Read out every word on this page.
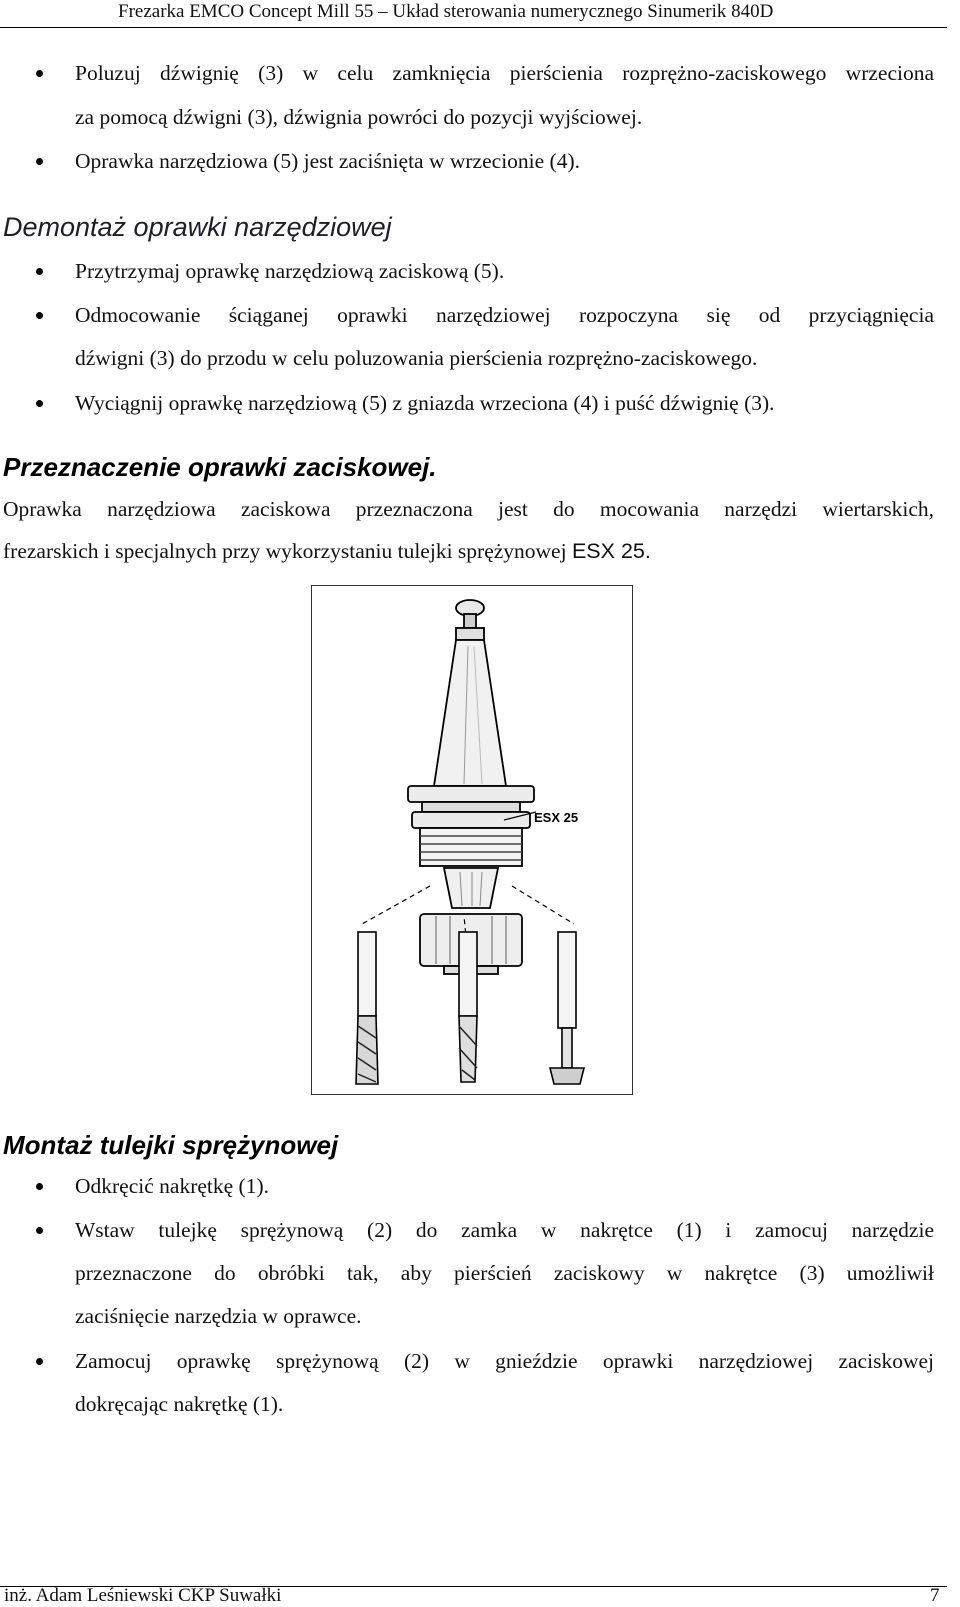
Frezarka EMCO Concept Mill 55 – Układ sterowania numerycznego Sinumerik 840D
Poluzuj dźwignię (3) w celu zamknięcia pierścienia rozprężno-zaciskowego wrzeciona
za pomocą dźwigni (3), dźwignia powróci do pozycji wyjściowej.
Oprawka narzędziowa (5) jest zaciśnięta w wrzecionie (4).
Demontaż oprawki narzędziowej
Przytrzymaj oprawkę narzędziową zaciskową (5).
Odmocowanie ściąganej oprawki narzędziowej rozpoczyna się od przyciągnięcia
dźwigni (3) do przodu w celu poluzowania pierścienia rozprężno-zaciskowego.
Wyciągnij oprawkę narzędziową (5) z gniazda wrzeciona (4) i puść dźwignię (3).
Przeznaczenie oprawki zaciskowej.
Oprawka narzędziowa zaciskowa przeznaczona jest do mocowania narzędzi wiertarskich,
frezarskich i specjalnych przy wykorzystaniu tulejki sprężynowej ESX 25.
ESX 25
Montaż tulejki sprężynowej
Odkręcić nakrętkę (1).
Wstaw tulejkę sprężynową (2) do zamka w nakrętce (1) i zamocuj narzędzie
przeznaczone do obróbki tak, aby pierścień zaciskowy w nakrętce (3) umożliwił
zaciśnięcie narzędzia w oprawce.
Zamocuj oprawkę sprężynową (2) w gnieździe oprawki narzędziowej zaciskowej
dokręcając nakrętkę (1).
inż. Adam Leśniewski CKP Suwałki	7
